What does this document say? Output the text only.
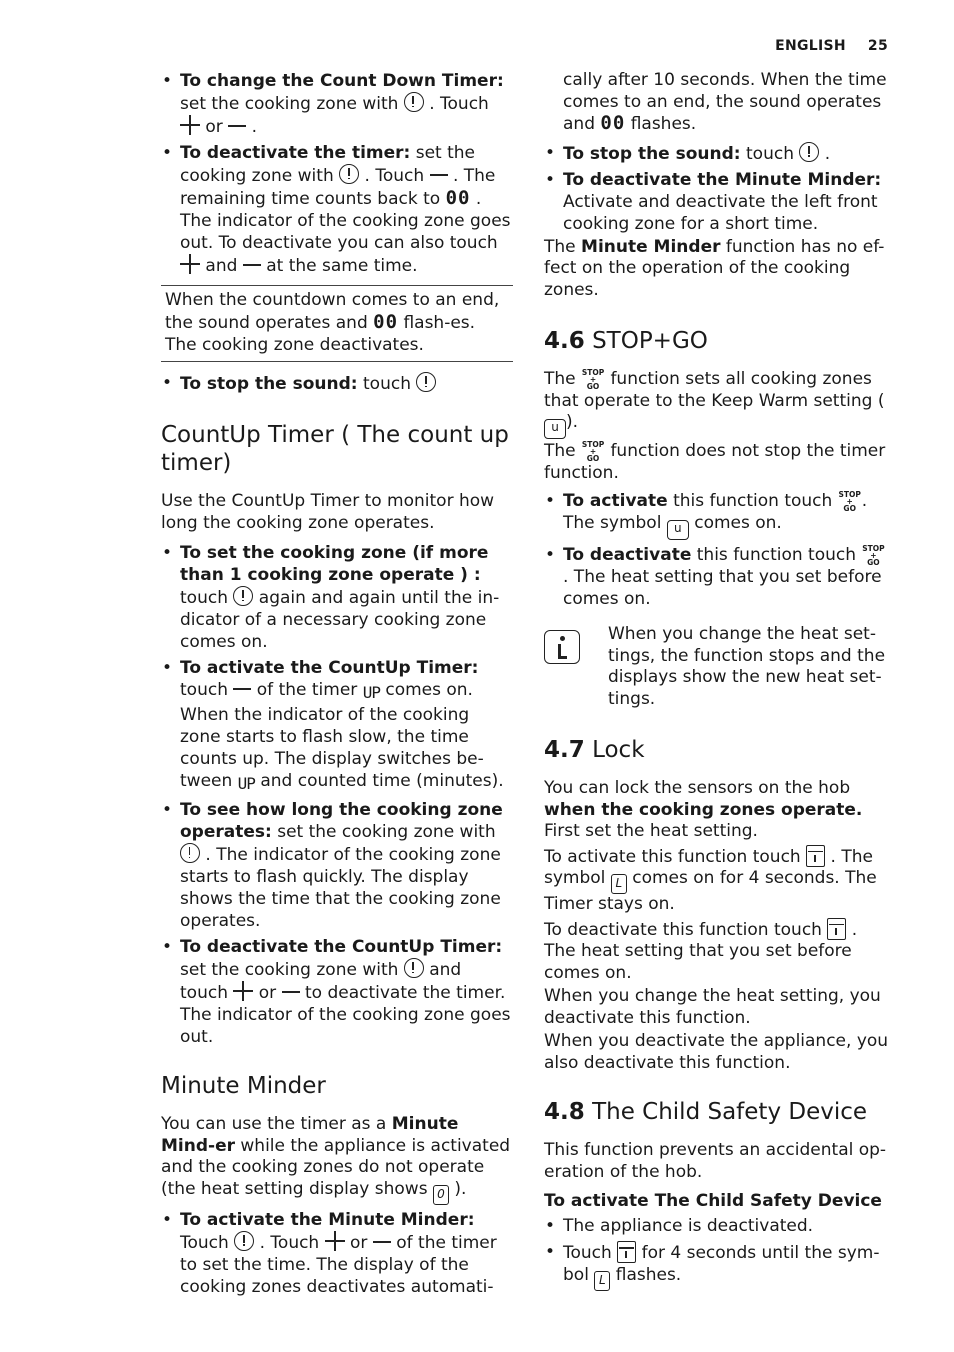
ENGLISH 25
• To change the Count Down Timer:
set the cooking zone with . Touch
or .
• To deactivate the timer: set the cooking zone with . Touch . The remaining time counts back to 00 . The indicator of the cooking zone goes out. To deactivate you can also touch  and at the same time.
When the countdown comes to an end, the sound operates and 00 flash-es. The cooking zone deactivates.
• To stop the sound: touch
CountUp Timer ( The count up timer)

Use the CountUp Timer to monitor how long the cooking zone operates.

• To set the cooking zone (if more than 1 cooking zone operate ) :
touch again and again until the in-dicator of a necessary cooking zone comes on.
• To activate the CountUp Timer:
touch of the timer UP comes on. When the indicator of the cooking zone starts to flash slow, the time counts up. The display switches be-tween UP and counted time (minutes).
• To see how long the cooking zone operates: set the cooking zone with  . The indicator of the cooking zone starts to flash quickly. The display shows the time that the cooking zone operates.
• To deactivate the CountUp Timer:
set the cooking zone with and touch or to deactivate the timer. The indicator of the cooking zone goes out.
Minute Minder

You can use the timer as a Minute Mind-er while the appliance is activated and the cooking zones do not operate (the heat setting display shows 0 ).

• To activate the Minute Minder:
Touch . Touch or of the timer to set the time. The display of the cooking zones deactivates automati-

cally after 10 seconds. When the time comes to an end, the sound operates and 00 flashes.

• To stop the sound: touch .
• To deactivate the Minute Minder:
Activate and deactivate the left front cooking zone for a short time.

The Minute Minder function has no ef-fect on the operation of the cooking zones.

4.6 STOP+GO

The STOP
+
GO function sets all cooking zones that operate to the Keep Warm setting (
u ).

The STOP
+
GO function does not stop the timer function.

• To activate this function touch STOP
+
GO . The symbol u comes on.
• To deactivate this function touch STOP
+
GO
. The heat setting that you set before comes on.
When you change the heat set-tings, the function stops and the displays show the new heat set-tings.
4.7 Lock

You can lock the sensors on the hob when the cooking zones operate.
First set the heat setting.

To activate this function touch . The symbol L comes on for 4 seconds. The Timer stays on.

To deactivate this function touch . The heat setting that you set before comes on.

When you change the heat setting, you deactivate this function.

When you deactivate the appliance, you also deactivate this function.

4.8 The Child Safety Device

This function prevents an accidental op-eration of the hob.

To activate The Child Safety Device
• The appliance is deactivated.
• Touch for 4 seconds until the sym-bol L flashes.
